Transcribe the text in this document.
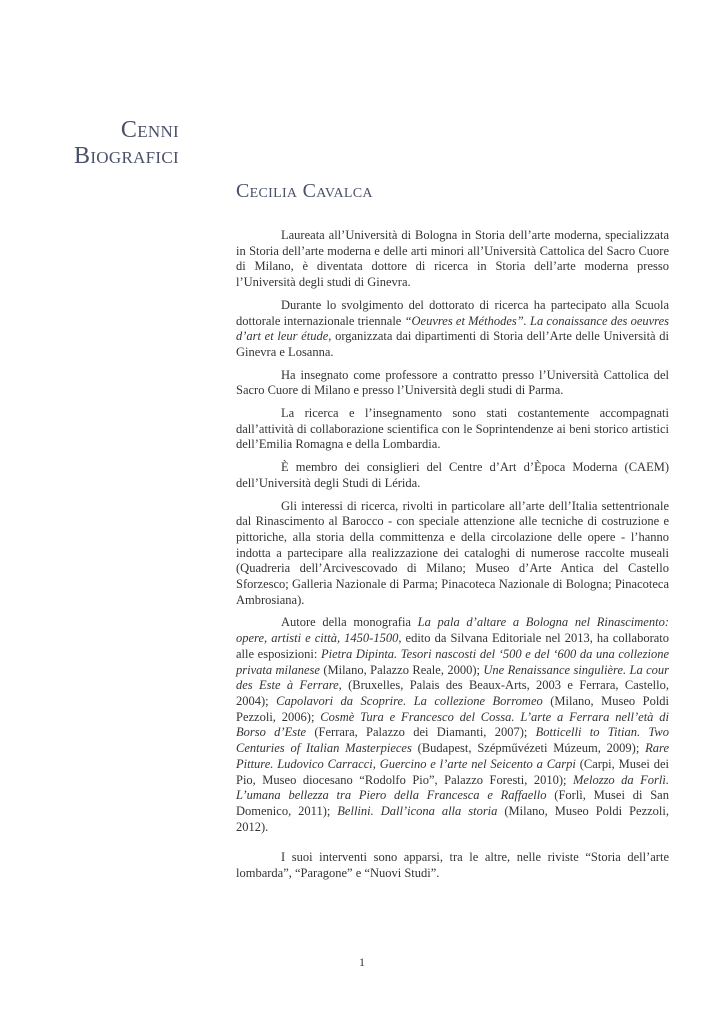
Cenni
Biografici
Cecilia Cavalca

Laureata all’Università di Bologna in Storia dell’arte moderna, specializzata in Storia dell’arte moderna e delle arti minori all’Università Cattolica del Sacro Cuore di Milano, è diventata dottore di ricerca in Storia dell’arte moderna presso l’Università degli studi di Ginevra.

Durante lo svolgimento del dottorato di ricerca ha partecipato alla Scuola dottorale internazionale triennale “Oeuvres et Méthodes”. La conaissance des oeuvres d’art et leur étude, organizzata dai dipartimenti di Storia dell’Arte delle Università di Ginevra e Losanna.

Ha insegnato come professore a contratto presso l’Università Cattolica del Sacro Cuore di Milano e presso l’Università degli studi di Parma.

La ricerca e l’insegnamento sono stati costantemente accompagnati dall’attività di collaborazione scientifica con le Soprintendenze ai beni storico artistici dell’Emilia Romagna e della Lombardia.

È membro dei consiglieri del Centre d’Art d’Època Moderna (CAEM) dell’Università degli Studi di Lérida.

Gli interessi di ricerca, rivolti in particolare all’arte dell’Italia settentrionale dal Rinascimento al Barocco - con speciale attenzione alle tecniche di costruzione e pittoriche, alla storia della committenza e della circolazione delle opere - l’hanno indotta a partecipare alla realizzazione dei cataloghi di numerose raccolte museali (Quadreria dell’Arcivescovado di Milano; Museo d’Arte Antica del Castello Sforzesco; Galleria Nazionale di Parma; Pinacoteca Nazionale di Bologna; Pinacoteca Ambrosiana).

Autore della monografia La pala d’altare a Bologna nel Rinascimento: opere, artisti e città, 1450-1500, edito da Silvana Editoriale nel 2013, ha collaborato alle esposizioni: Pietra Dipinta. Tesori nascosti del ‘500 e del ‘600 da una collezione privata milanese (Milano, Palazzo Reale, 2000); Une Renaissance singulière. La cour des Este à Ferrare, (Bruxelles, Palais des Beaux-Arts, 2003 e Ferrara, Castello, 2004); Capolavori da Scoprire. La collezione Borromeo (Milano, Museo Poldi Pezzoli, 2006); Cosmè Tura e Francesco del Cossa. L’arte a Ferrara nell’età di Borso d’Este (Ferrara, Palazzo dei Diamanti, 2007); Botticelli to Titian. Two Centuries of Italian Masterpieces (Budapest, Szépművézeti Múzeum, 2009); Rare Pitture. Ludovico Carracci, Guercino e l’arte nel Seicento a Carpi (Carpi, Musei dei Pio, Museo diocesano “Rodolfo Pio”, Palazzo Foresti, 2010); Melozzo da Forlì. L’umana bellezza tra Piero della Francesca e Raffaello (Forlì, Musei di San Domenico, 2011); Bellini. Dall’icona alla storia (Milano, Museo Poldi Pezzoli, 2012).

I suoi interventi sono apparsi, tra le altre, nelle riviste “Storia dell’arte lombarda”, “Paragone” e “Nuovi Studi”.

1
